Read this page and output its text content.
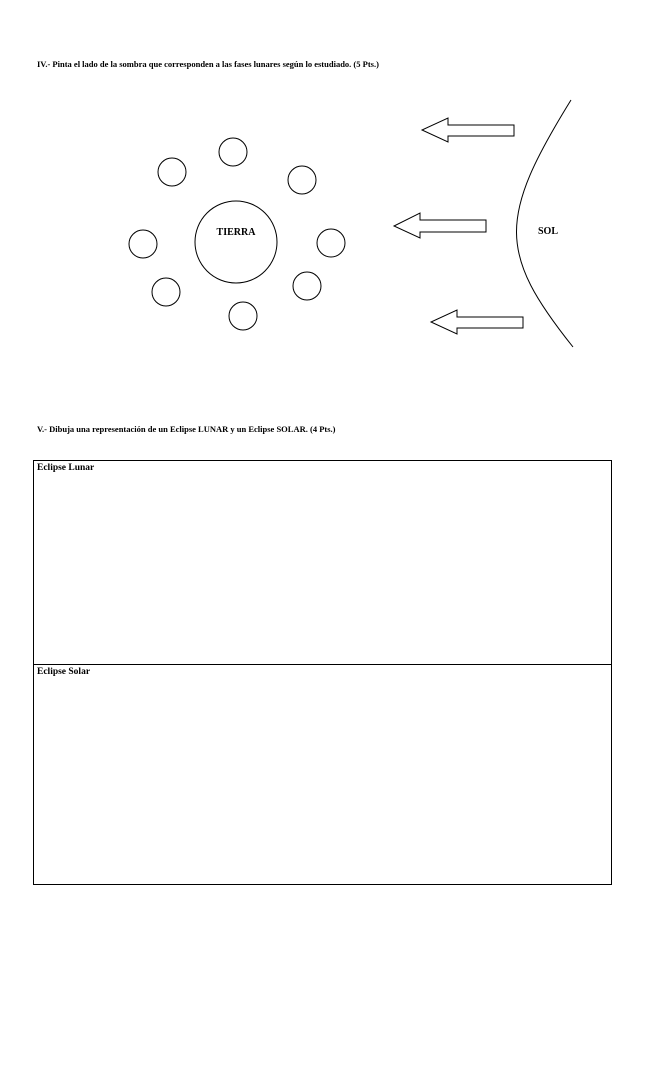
IV.- Pinta el lado de la sombra que corresponden a las fases lunares según lo estudiado. (5 Pts.)

TIERRA	SOL

V.- Dibuja una representación de un Eclipse LUNAR y un Eclipse SOLAR. (4 Pts.)

Eclipse Lunar
Eclipse Solar
